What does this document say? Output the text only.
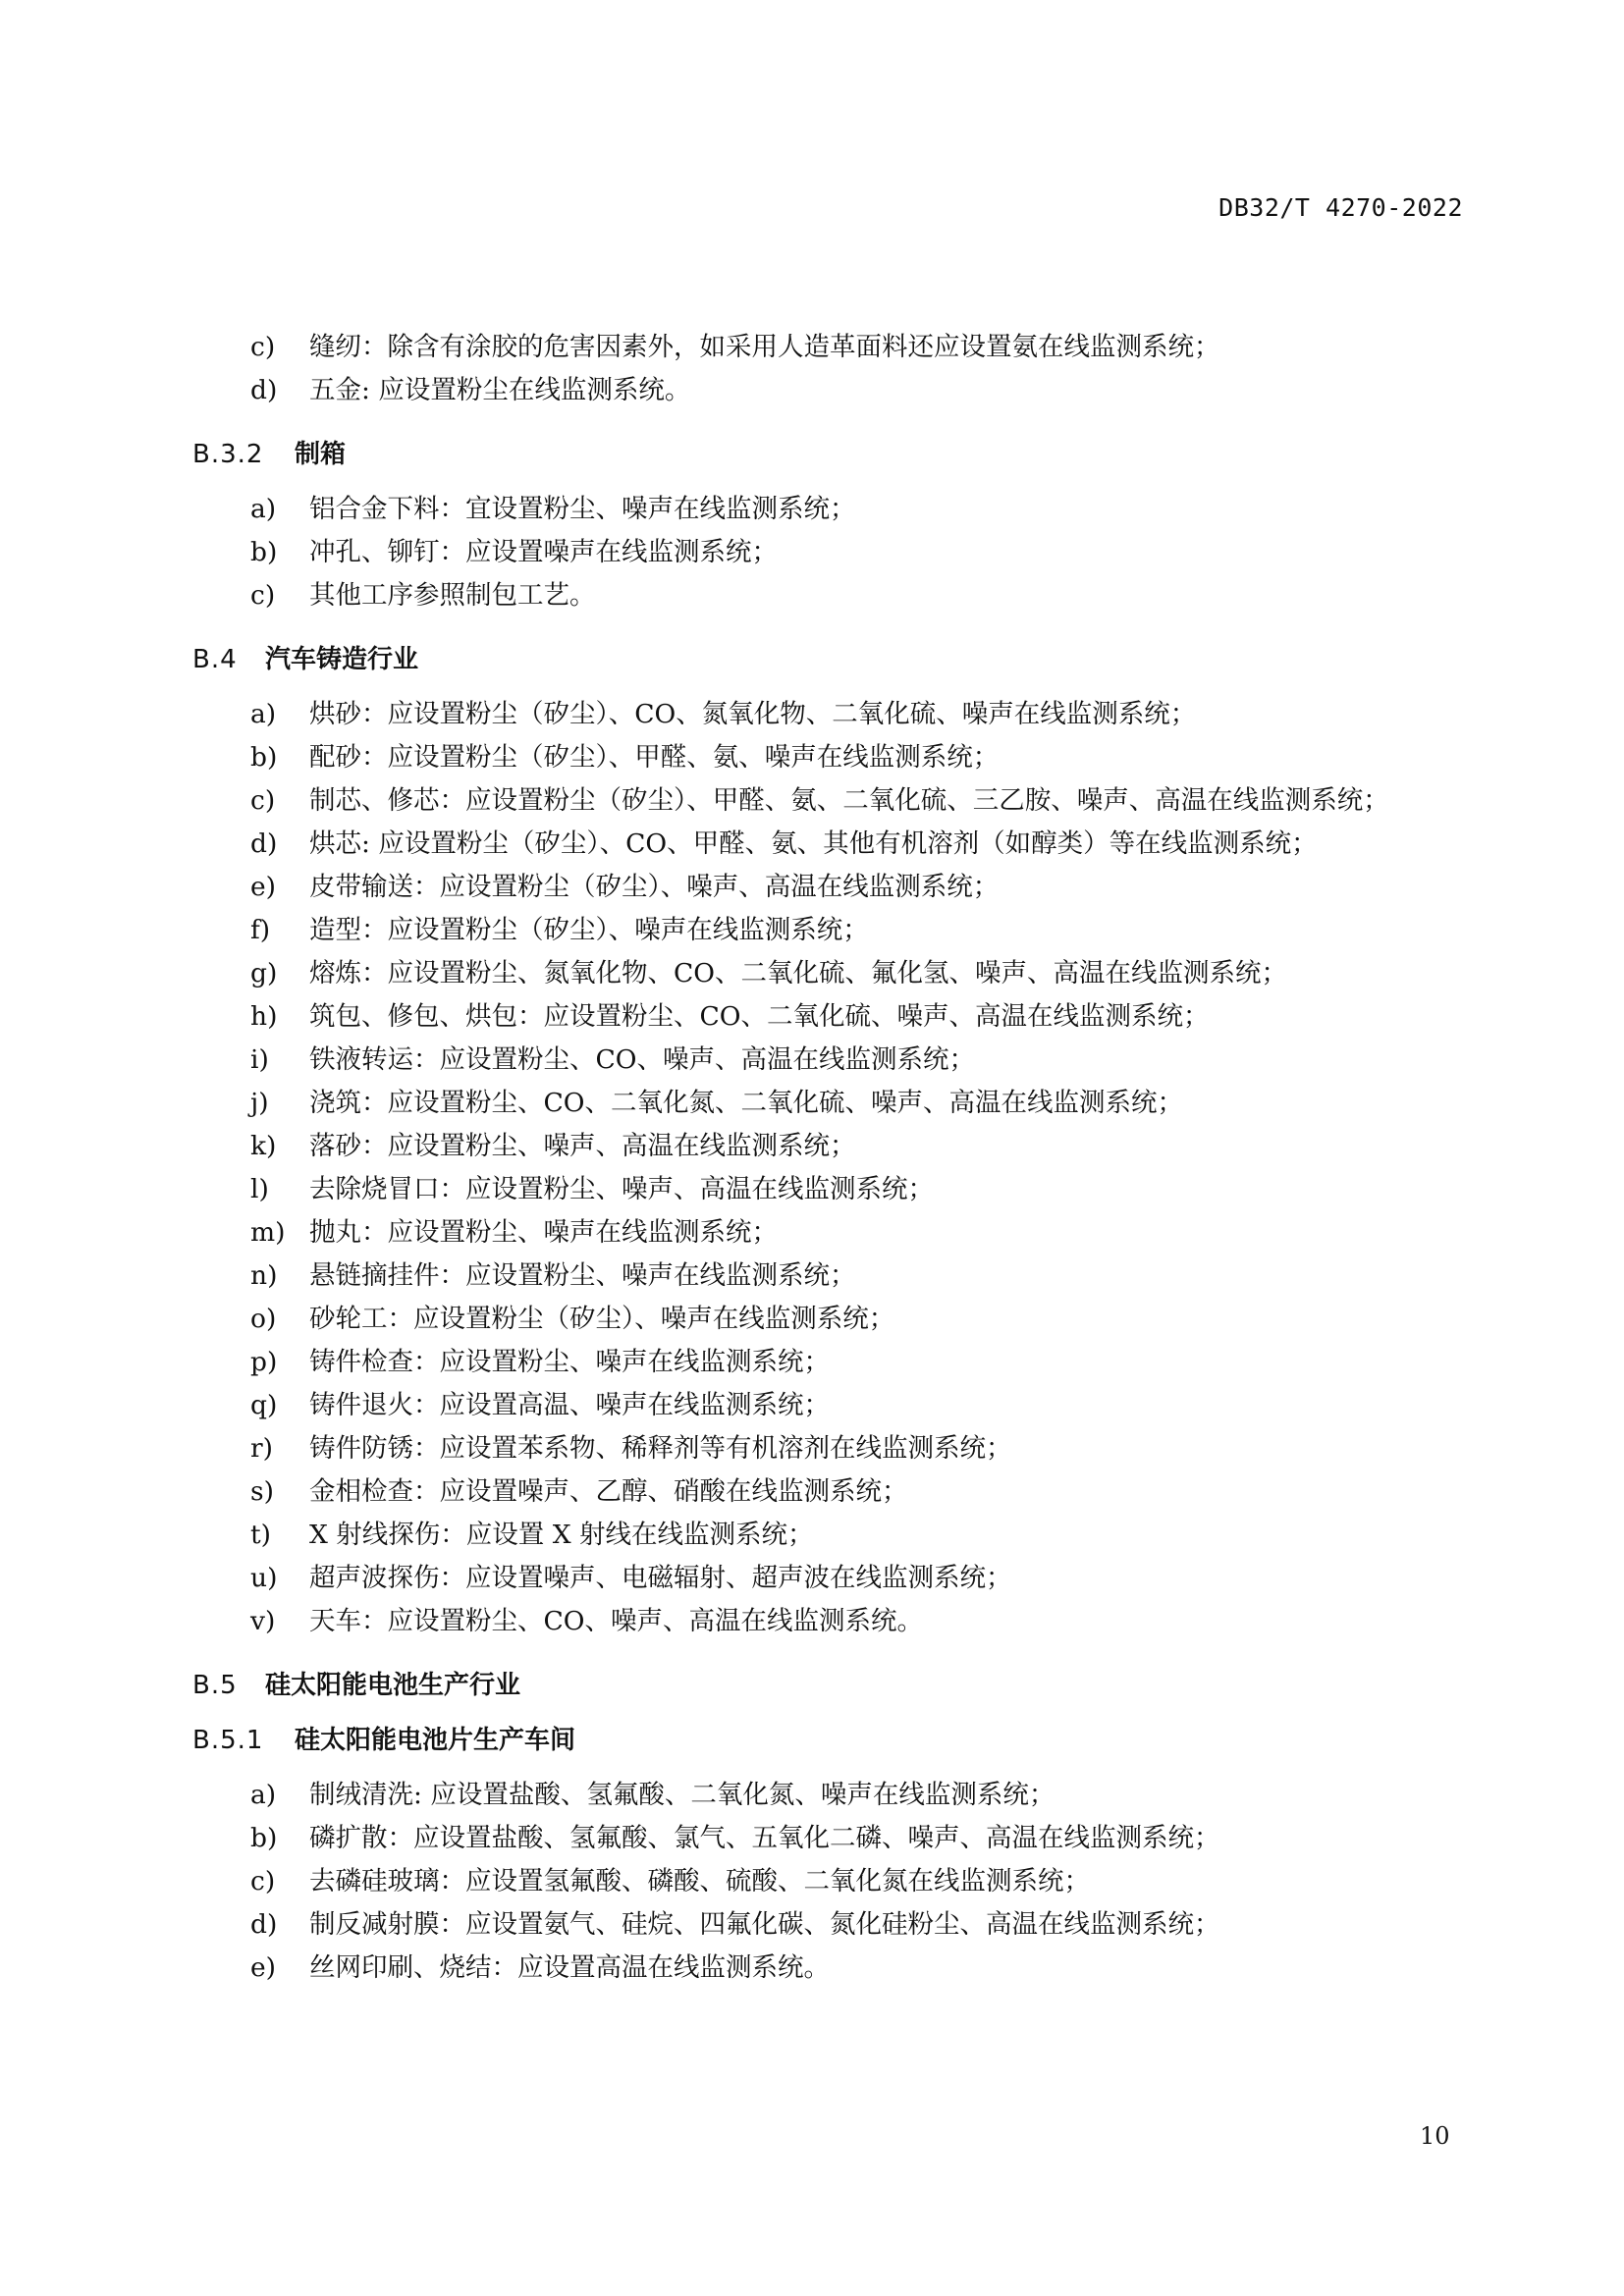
DB32/T 4270-2022
c) 缝纫：除含有涂胶的危害因素外，如采用人造革面料还应设置氨在线监测系统；
d) 五金: 应设置粉尘在线监测系统。
B.3.2 制箱
a) 铝合金下料：宜设置粉尘、噪声在线监测系统；
b) 冲孔、铆钉：应设置噪声在线监测系统；
c) 其他工序参照制包工艺。
B.4 汽车铸造行业
a) 烘砂：应设置粉尘（矽尘）、CO、氮氧化物、二氧化硫、噪声在线监测系统；
b) 配砂：应设置粉尘（矽尘）、甲醛、氨、噪声在线监测系统；
c) 制芯、修芯：应设置粉尘（矽尘）、甲醛、氨、二氧化硫、三乙胺、噪声、高温在线监测系统；
d) 烘芯: 应设置粉尘（矽尘）、CO、甲醛、氨、其他有机溶剂（如醇类）等在线监测系统；
e) 皮带输送：应设置粉尘（矽尘）、噪声、高温在线监测系统；
f) 造型：应设置粉尘（矽尘）、噪声在线监测系统；
g) 熔炼：应设置粉尘、氮氧化物、CO、二氧化硫、氟化氢、噪声、高温在线监测系统；
h) 筑包、修包、烘包：应设置粉尘、CO、二氧化硫、噪声、高温在线监测系统；
i) 铁液转运：应设置粉尘、CO、噪声、高温在线监测系统；
j) 浇筑：应设置粉尘、CO、二氧化氮、二氧化硫、噪声、高温在线监测系统；
k) 落砂：应设置粉尘、噪声、高温在线监测系统；
l) 去除烧冒口：应设置粉尘、噪声、高温在线监测系统；
m) 抛丸：应设置粉尘、噪声在线监测系统；
n) 悬链摘挂件：应设置粉尘、噪声在线监测系统；
o) 砂轮工：应设置粉尘（矽尘）、噪声在线监测系统；
p) 铸件检查：应设置粉尘、噪声在线监测系统；
q) 铸件退火：应设置高温、噪声在线监测系统；
r) 铸件防锈：应设置苯系物、稀释剂等有机溶剂在线监测系统；
s) 金相检查：应设置噪声、乙醇、硝酸在线监测系统；
t) X 射线探伤：应设置 X 射线在线监测系统；
u) 超声波探伤：应设置噪声、电磁辐射、超声波在线监测系统；
v) 天车：应设置粉尘、CO、噪声、高温在线监测系统。
B.5 硅太阳能电池生产行业
B.5.1 硅太阳能电池片生产车间
a) 制绒清洗: 应设置盐酸、氢氟酸、二氧化氮、噪声在线监测系统；
b) 磷扩散：应设置盐酸、氢氟酸、氯气、五氧化二磷、噪声、高温在线监测系统；
c) 去磷硅玻璃：应设置氢氟酸、磷酸、硫酸、二氧化氮在线监测系统；
d) 制反减射膜：应设置氨气、硅烷、四氟化碳、氮化硅粉尘、高温在线监测系统；
e) 丝网印刷、烧结：应设置高温在线监测系统。
10
